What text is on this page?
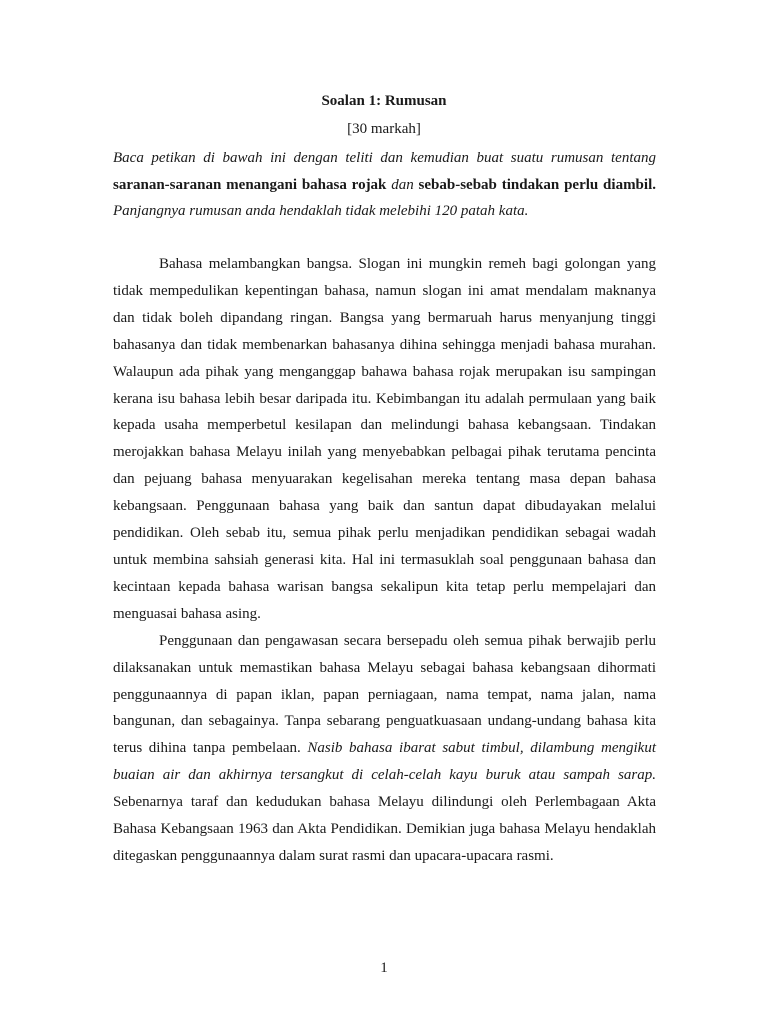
Soalan 1: Rumusan
[30 markah]
Baca petikan di bawah ini dengan teliti dan kemudian buat suatu rumusan tentang saranan-saranan menangani bahasa rojak dan sebab-sebab tindakan perlu diambil. Panjangnya rumusan anda hendaklah tidak melebihi 120 patah kata.

Bahasa melambangkan bangsa. Slogan ini mungkin remeh bagi golongan yang tidak mempedulikan kepentingan bahasa, namun slogan ini amat mendalam maknanya dan tidak boleh dipandang ringan. Bangsa yang bermaruah harus menyanjung tinggi bahasanya dan tidak membenarkan bahasanya dihina sehingga menjadi bahasa murahan. Walaupun ada pihak yang menganggap bahawa bahasa rojak merupakan isu sampingan kerana isu bahasa lebih besar daripada itu. Kebimbangan itu adalah permulaan yang baik kepada usaha memperbetul kesilapan dan melindungi bahasa kebangsaan. Tindakan merojakkan bahasa Melayu inilah yang menyebabkan pelbagai pihak terutama pencinta dan pejuang bahasa menyuarakan kegelisahan mereka tentang masa depan bahasa kebangsaan. Penggunaan bahasa yang baik dan santun dapat dibudayakan melalui pendidikan. Oleh sebab itu, semua pihak perlu menjadikan pendidikan sebagai wadah untuk membina sahsiah generasi kita. Hal ini termasuklah soal penggunaan bahasa dan kecintaan kepada bahasa warisan bangsa sekalipun kita tetap perlu mempelajari dan menguasai bahasa asing.

Penggunaan dan pengawasan secara bersepadu oleh semua pihak berwajib perlu dilaksanakan untuk memastikan bahasa Melayu sebagai bahasa kebangsaan dihormati penggunaannya di papan iklan, papan perniagaan, nama tempat, nama jalan, nama bangunan, dan sebagainya. Tanpa sebarang penguatkuasaan undang-undang bahasa kita terus dihina tanpa pembelaan. Nasib bahasa ibarat sabut timbul, dilambung mengikut buaian air dan akhirnya tersangkut di celah-celah kayu buruk atau sampah sarap. Sebenarnya taraf dan kedudukan bahasa Melayu dilindungi oleh Perlembagaan Akta Bahasa Kebangsaan 1963 dan Akta Pendidikan. Demikian juga bahasa Melayu hendaklah ditegaskan penggunaannya dalam surat rasmi dan upacara-upacara rasmi.

1
